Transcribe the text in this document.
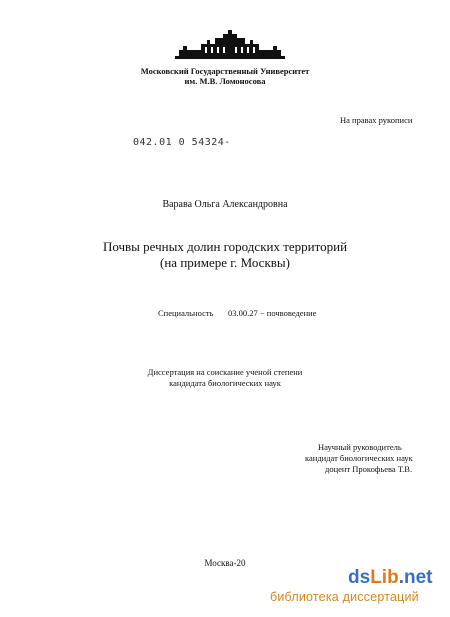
Московский Государственный Университет
им. М.В. Ломоносова
На правах рукописи
042.01 0 54324-
Варава Ольга Александровна
Почвы речных долин городских территорий
(на примере г. Москвы)
Специальность 03.00.27 − почвоведение
Диссертация на соискание ученой степени
кандидата биологических наук
Научный руководитель
кандидат биологических наук
доцент Прокофьева Т.В.
Москва-20
dsLib.net
библиотека диссертаций
